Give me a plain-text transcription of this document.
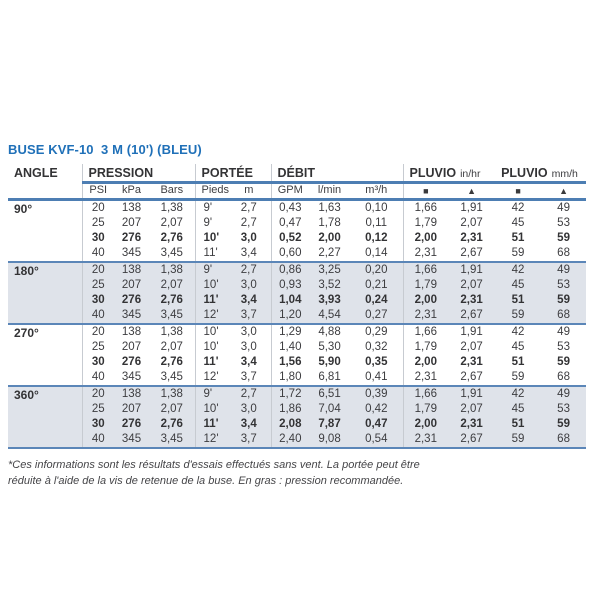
BUSE KVF-10  3 M (10') (BLEU)
ANGLE	PRESSION			PORTÉE		DÉBIT			PLUVIO in/hr		PLUVIO mm/h	
	PSI	kPa	Bars	Pieds	m	GPM	l/min	m³/h	■	▲	■	▲
90°	20	138	1,38	9'	2,7	0,43	1,63	0,10	1,66	1,91	42	49
	25	207	2,07	9'	2,7	0,47	1,78	0,11	1,79	2,07	45	53
	30	276	2,76	10'	3,0	0,52	2,00	0,12	2,00	2,31	51	59
	40	345	3,45	11'	3,4	0,60	2,27	0,14	2,31	2,67	59	68
180°	20	138	1,38	9'	2,7	0,86	3,25	0,20	1,66	1,91	42	49
	25	207	2,07	10'	3,0	0,93	3,52	0,21	1,79	2,07	45	53
	30	276	2,76	11'	3,4	1,04	3,93	0,24	2,00	2,31	51	59
	40	345	3,45	12'	3,7	1,20	4,54	0,27	2,31	2,67	59	68
270°	20	138	1,38	10'	3,0	1,29	4,88	0,29	1,66	1,91	42	49
	25	207	2,07	10'	3,0	1,40	5,30	0,32	1,79	2,07	45	53
	30	276	2,76	11'	3,4	1,56	5,90	0,35	2,00	2,31	51	59
	40	345	3,45	12'	3,7	1,80	6,81	0,41	2,31	2,67	59	68
360°	20	138	1,38	9'	2,7	1,72	6,51	0,39	1,66	1,91	42	49
	25	207	2,07	10'	3,0	1,86	7,04	0,42	1,79	2,07	45	53
	30	276	2,76	11'	3,4	2,08	7,87	0,47	2,00	2,31	51	59
	40	345	3,45	12'	3,7	2,40	9,08	0,54	2,31	2,67	59	68
*Ces informations sont les résultats d'essais effectués sans vent. La portée peut être réduite à l'aide de la vis de retenue de la buse. En gras : pression recommandée.
